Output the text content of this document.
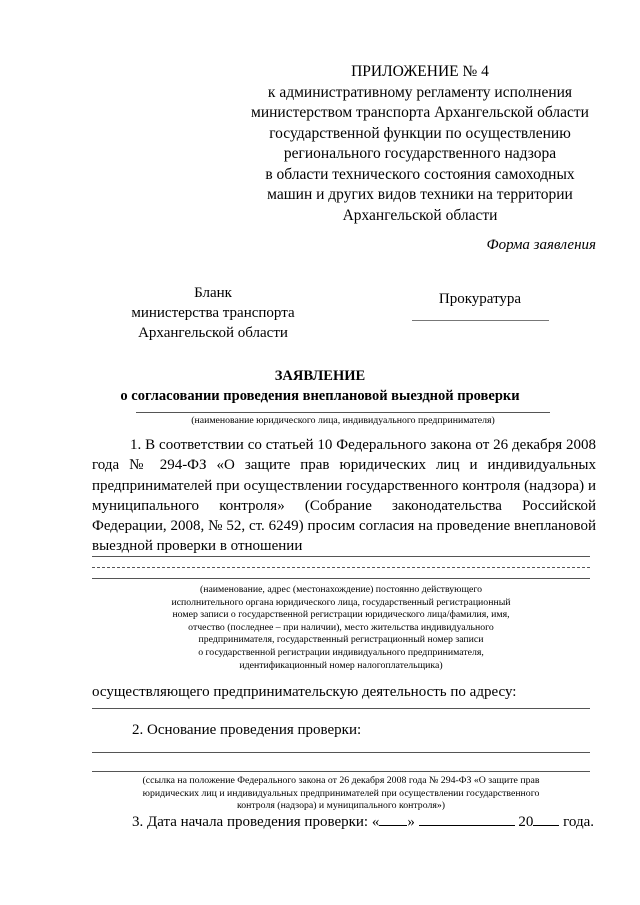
ПРИЛОЖЕНИЕ № 4
к административному регламенту исполнения
министерством транспорта Архангельской области
государственной функции по осуществлению
регионального государственного надзора
в области технического состояния самоходных
машин и других видов техники на территории
Архангельской области
Форма заявления
Бланк
министерства транспорта
Архангельской области
Прокуратура
ЗАЯВЛЕНИЕ
о согласовании проведения внеплановой выездной проверки
(наименование юридического лица, индивидуального предпринимателя)
1. В соответствии со статьей 10 Федерального закона от 26 декабря 2008 года № 294-ФЗ «О защите прав юридических лиц и индивидуальных предпринимателей при осуществлении государственного контроля (надзора) и муниципального контроля» (Собрание законодательства Российской Федерации, 2008, № 52, ст. 6249) просим согласия на проведение внеплановой выездной проверки в отношении
(наименование, адрес (местонахождение) постоянно действующего
исполнительного органа юридического лица, государственный регистрационный
номер записи о государственной регистрации юридического лица/фамилия, имя,
отчество (последнее – при наличии), место жительства индивидуального
предпринимателя, государственный регистрационный номер записи
о государственной регистрации индивидуального предпринимателя,
идентификационный номер налогоплательщика)
осуществляющего предпринимательскую деятельность по адресу:
2. Основание проведения проверки:
(ссылка на положение Федерального закона от 26 декабря 2008 года № 294-ФЗ «О защите прав
юридических лиц и индивидуальных предпринимателей при осуществлении государственного
контроля (надзора) и муниципального контроля»)
3. Дата начала проведения проверки: « »	20 года.
